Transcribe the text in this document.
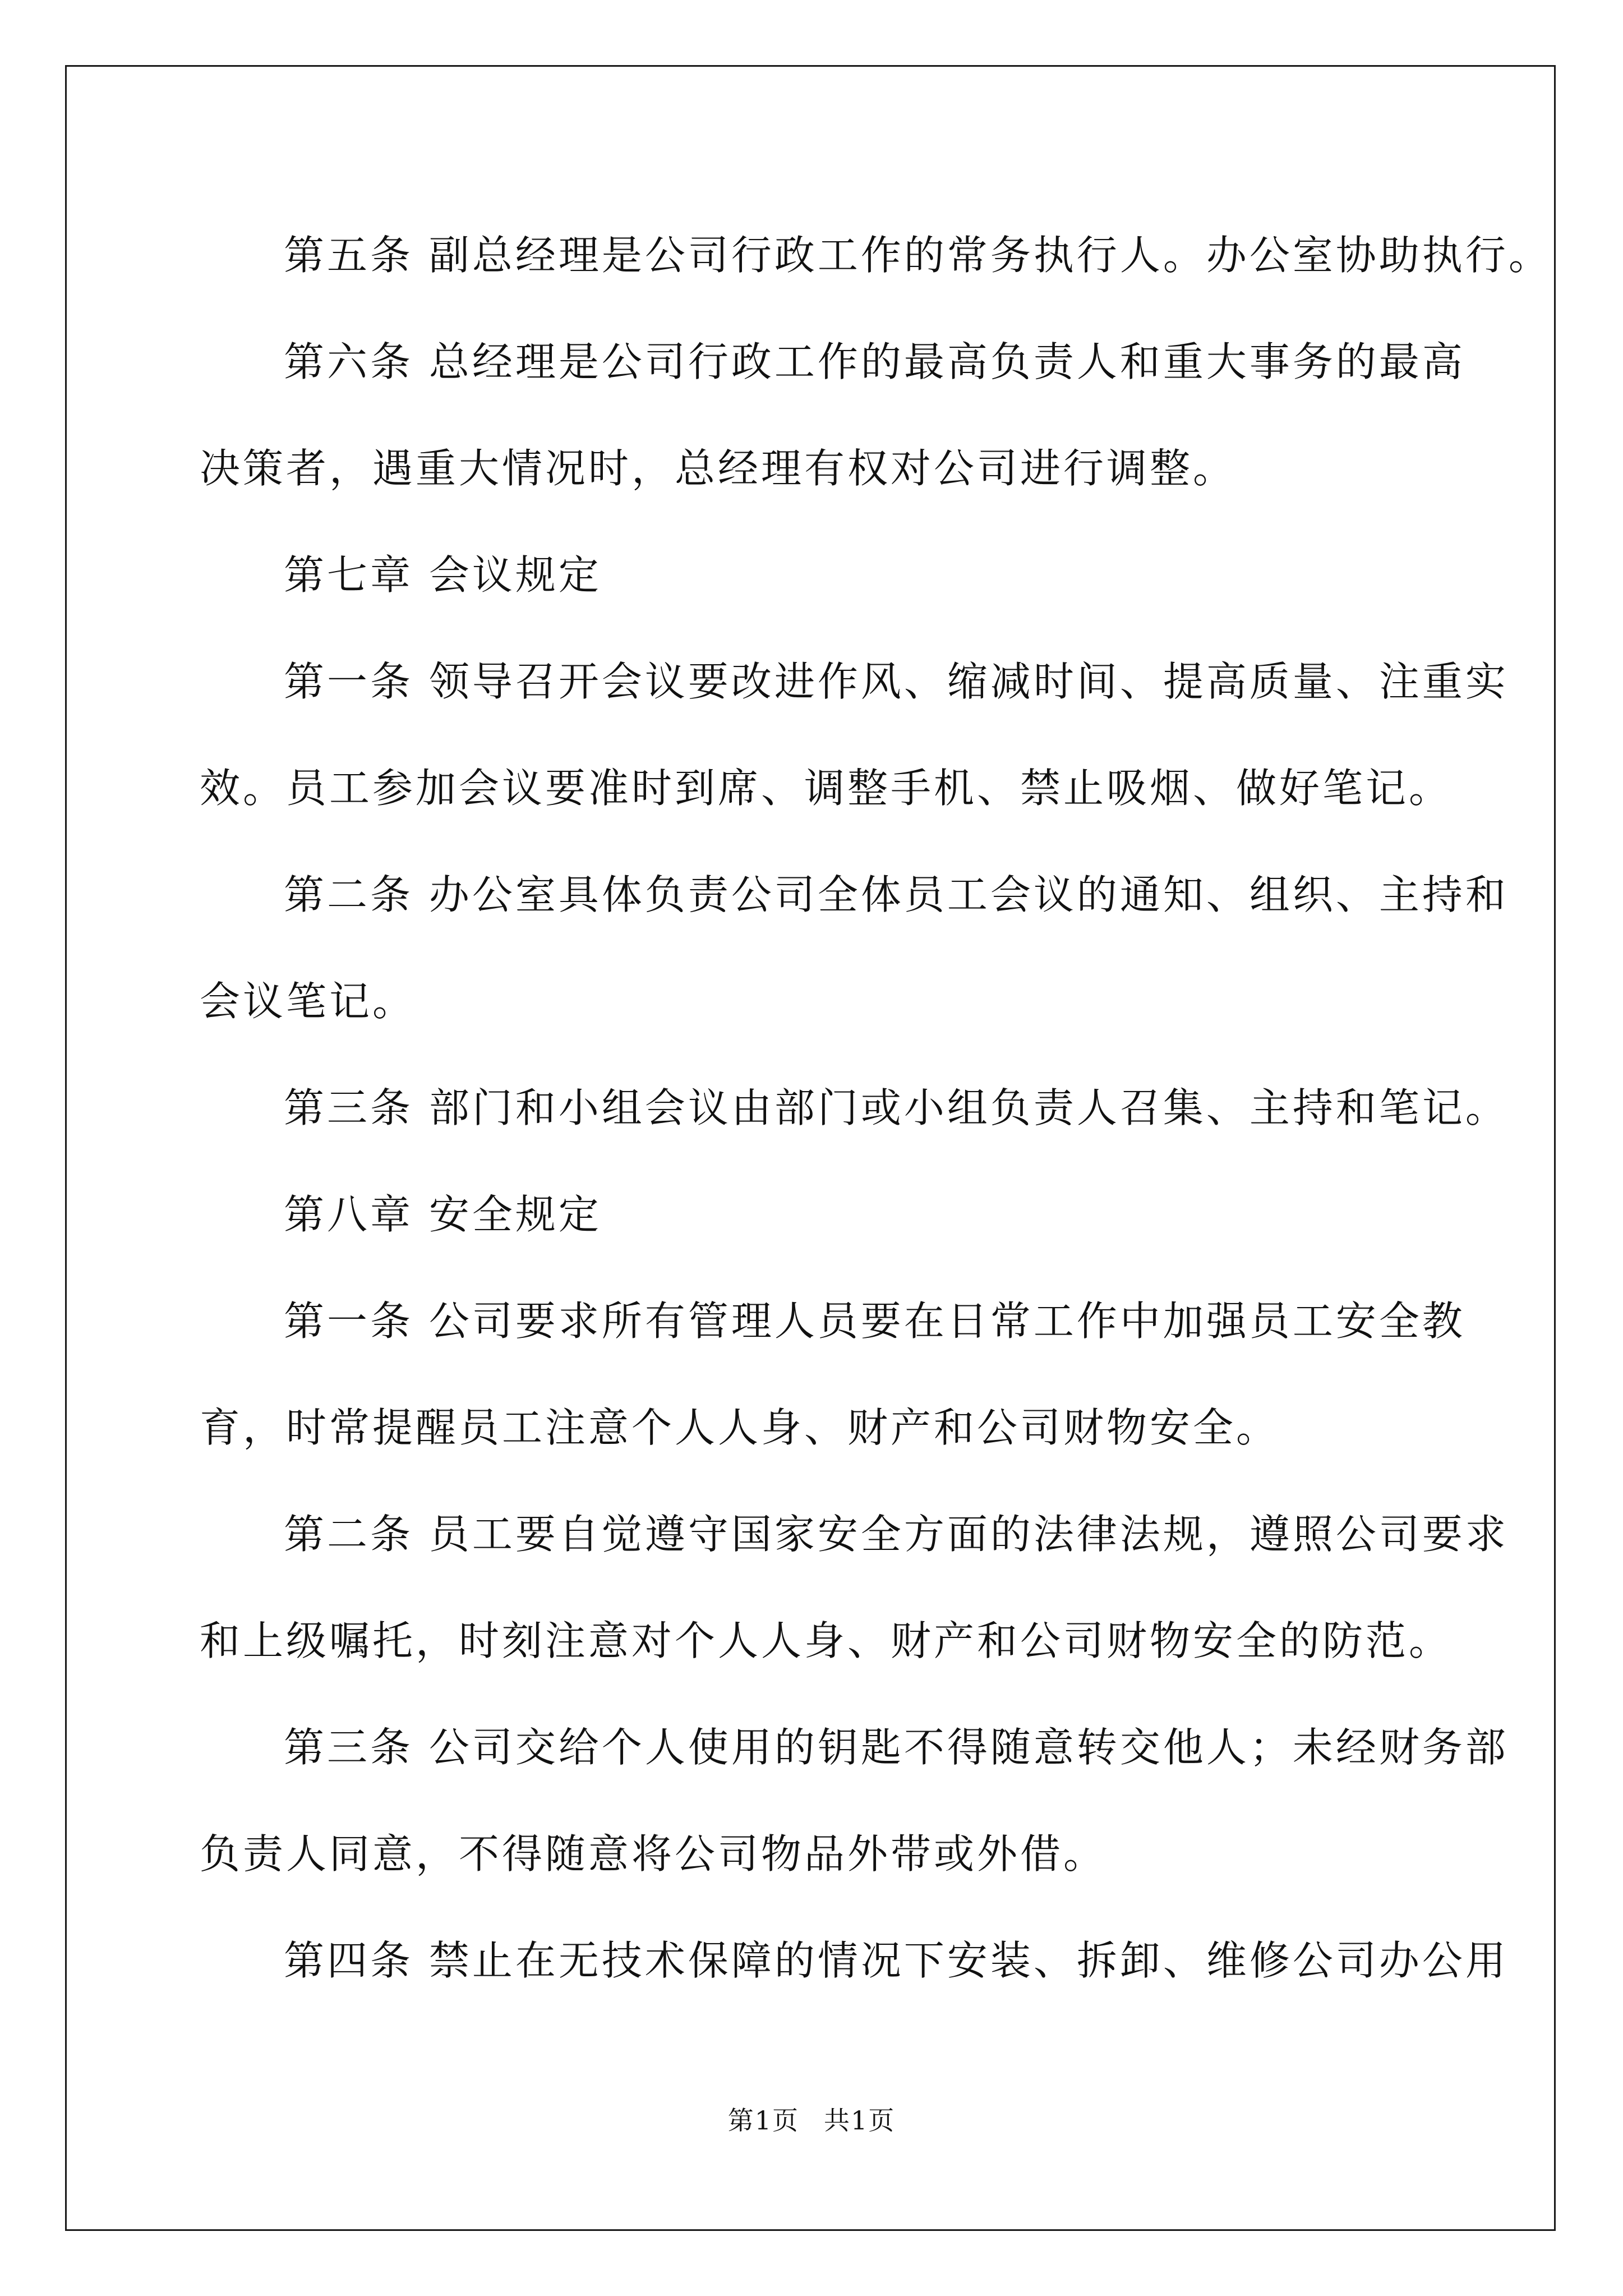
第五条 副总经理是公司行政工作的常务执行人。办公室协助执行。

第六条 总经理是公司行政工作的最高负责人和重大事务的最高
决策者，遇重大情况时，总经理有权对公司进行调整。

第七章 会议规定

第一条 领导召开会议要改进作风、缩减时间、提高质量、注重实
效。员工参加会议要准时到席、调整手机、禁止吸烟、做好笔记。

第二条 办公室具体负责公司全体员工会议的通知、组织、主持和
会议笔记。

第三条 部门和小组会议由部门或小组负责人召集、主持和笔记。

第八章 安全规定

第一条 公司要求所有管理人员要在日常工作中加强员工安全教
育，时常提醒员工注意个人人身、财产和公司财物安全。

第二条 员工要自觉遵守国家安全方面的法律法规，遵照公司要求
和上级嘱托，时刻注意对个人人身、财产和公司财物安全的防范。

第三条 公司交给个人使用的钥匙不得随意转交他人；未经财务部
负责人同意，不得随意将公司物品外带或外借。

第四条 禁止在无技术保障的情况下安装、拆卸、维修公司办公用

第1页 共1页
